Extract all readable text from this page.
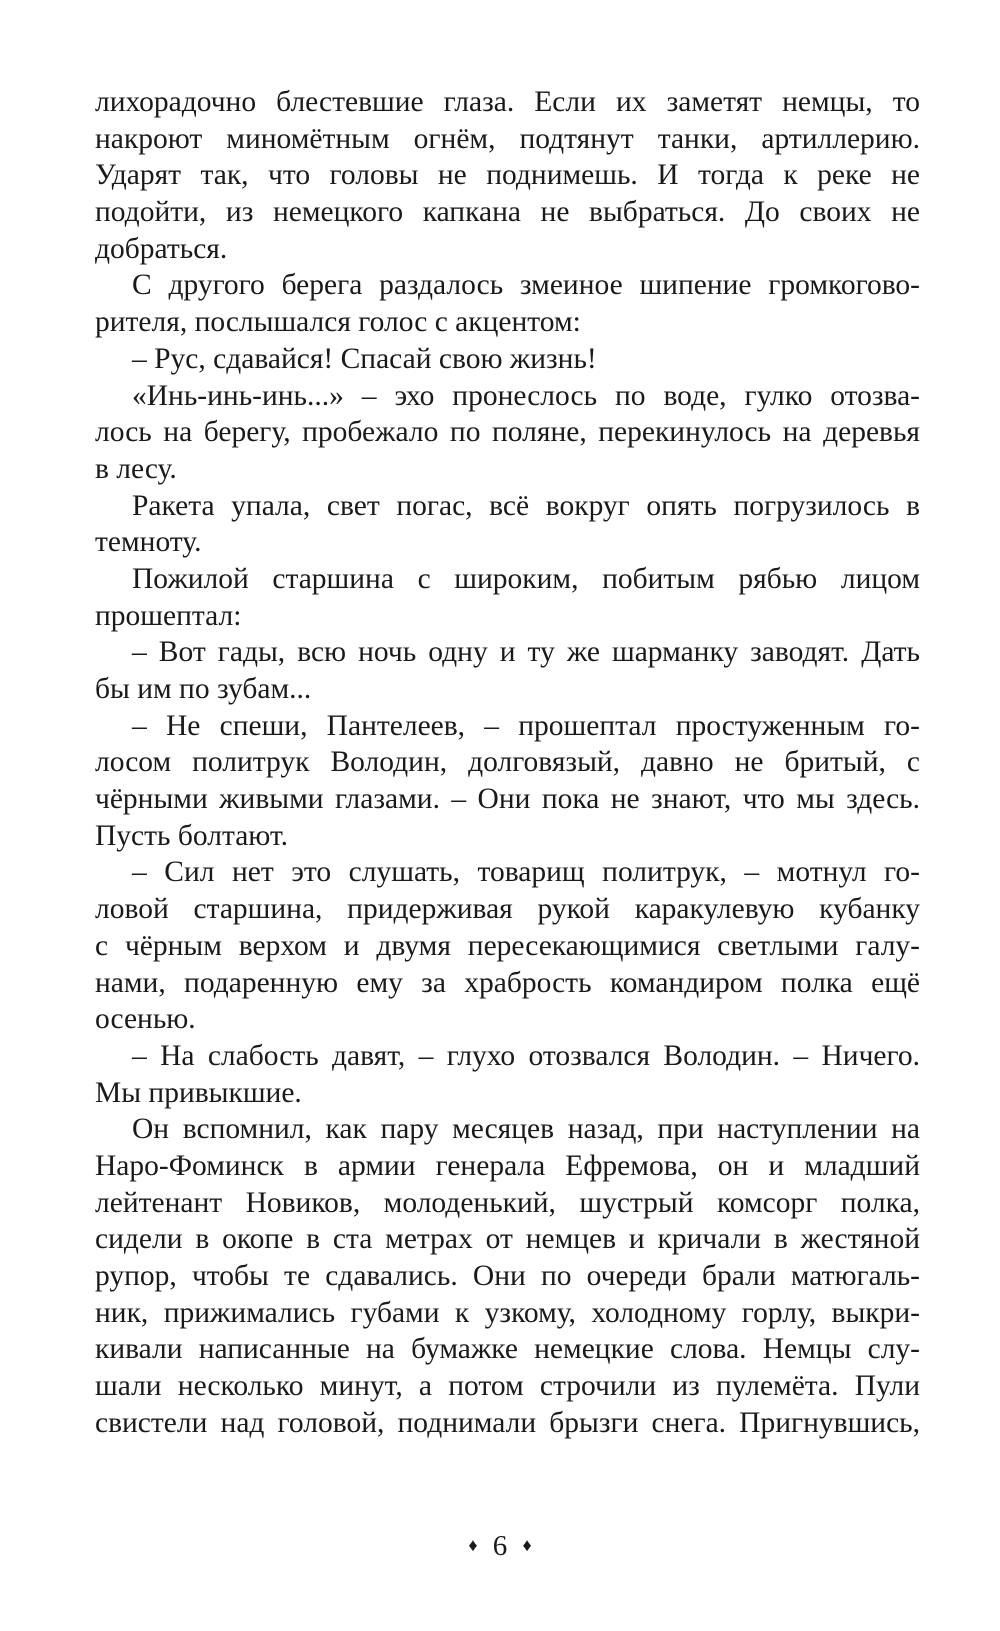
лихорадочно блестевшие глаза. Если их заметят немцы, то
накроют миномётным огнём, подтянут танки, артиллерию.
Ударят так, что головы не поднимешь. И тогда к реке не
подойти, из немецкого капкана не выбраться. До своих не
добраться.
С другого берега раздалось змеиное шипение громкогово-
рителя, послышался голос с акцентом:
– Рус, сдавайся! Спасай свою жизнь!
«Инь-инь-инь...» – эхо пронеслось по воде, гулко отозва-
лось на берегу, пробежало по поляне, перекинулось на деревья
в лесу.
Ракета упала, свет погас, всё вокруг опять погрузилось в
темноту.
Пожилой старшина с широким, побитым рябью лицом
прошептал:
– Вот гады, всю ночь одну и ту же шарманку заводят. Дать
бы им по зубам...
– Не спеши, Пантелеев, – прошептал простуженным го-
лосом политрук Володин, долговязый, давно не бритый, с
чёрными живыми глазами. – Они пока не знают, что мы здесь.
Пусть болтают.
– Сил нет это слушать, товарищ политрук, – мотнул го-
ловой старшина, придерживая рукой каракулевую кубанку
с чёрным верхом и двумя пересекающимися светлыми галу-
нами, подаренную ему за храбрость командиром полка ещё
осенью.
– На слабость давят, – глухо отозвался Володин. – Ничего.
Мы привыкшие.
Он вспомнил, как пару месяцев назад, при наступлении на
Наро-Фоминск в армии генерала Ефремова, он и младший
лейтенант Новиков, молоденький, шустрый комсорг полка,
сидели в окопе в ста метрах от немцев и кричали в жестяной
рупор, чтобы те сдавались. Они по очереди брали матюгаль-
ник, прижимались губами к узкому, холодному горлу, выкри-
кивали написанные на бумажке немецкие слова. Немцы слу-
шали несколько минут, а потом строчили из пулемёта. Пули
свистели над головой, поднимали брызги снега. Пригнувшись,
♦ 6 ♦
